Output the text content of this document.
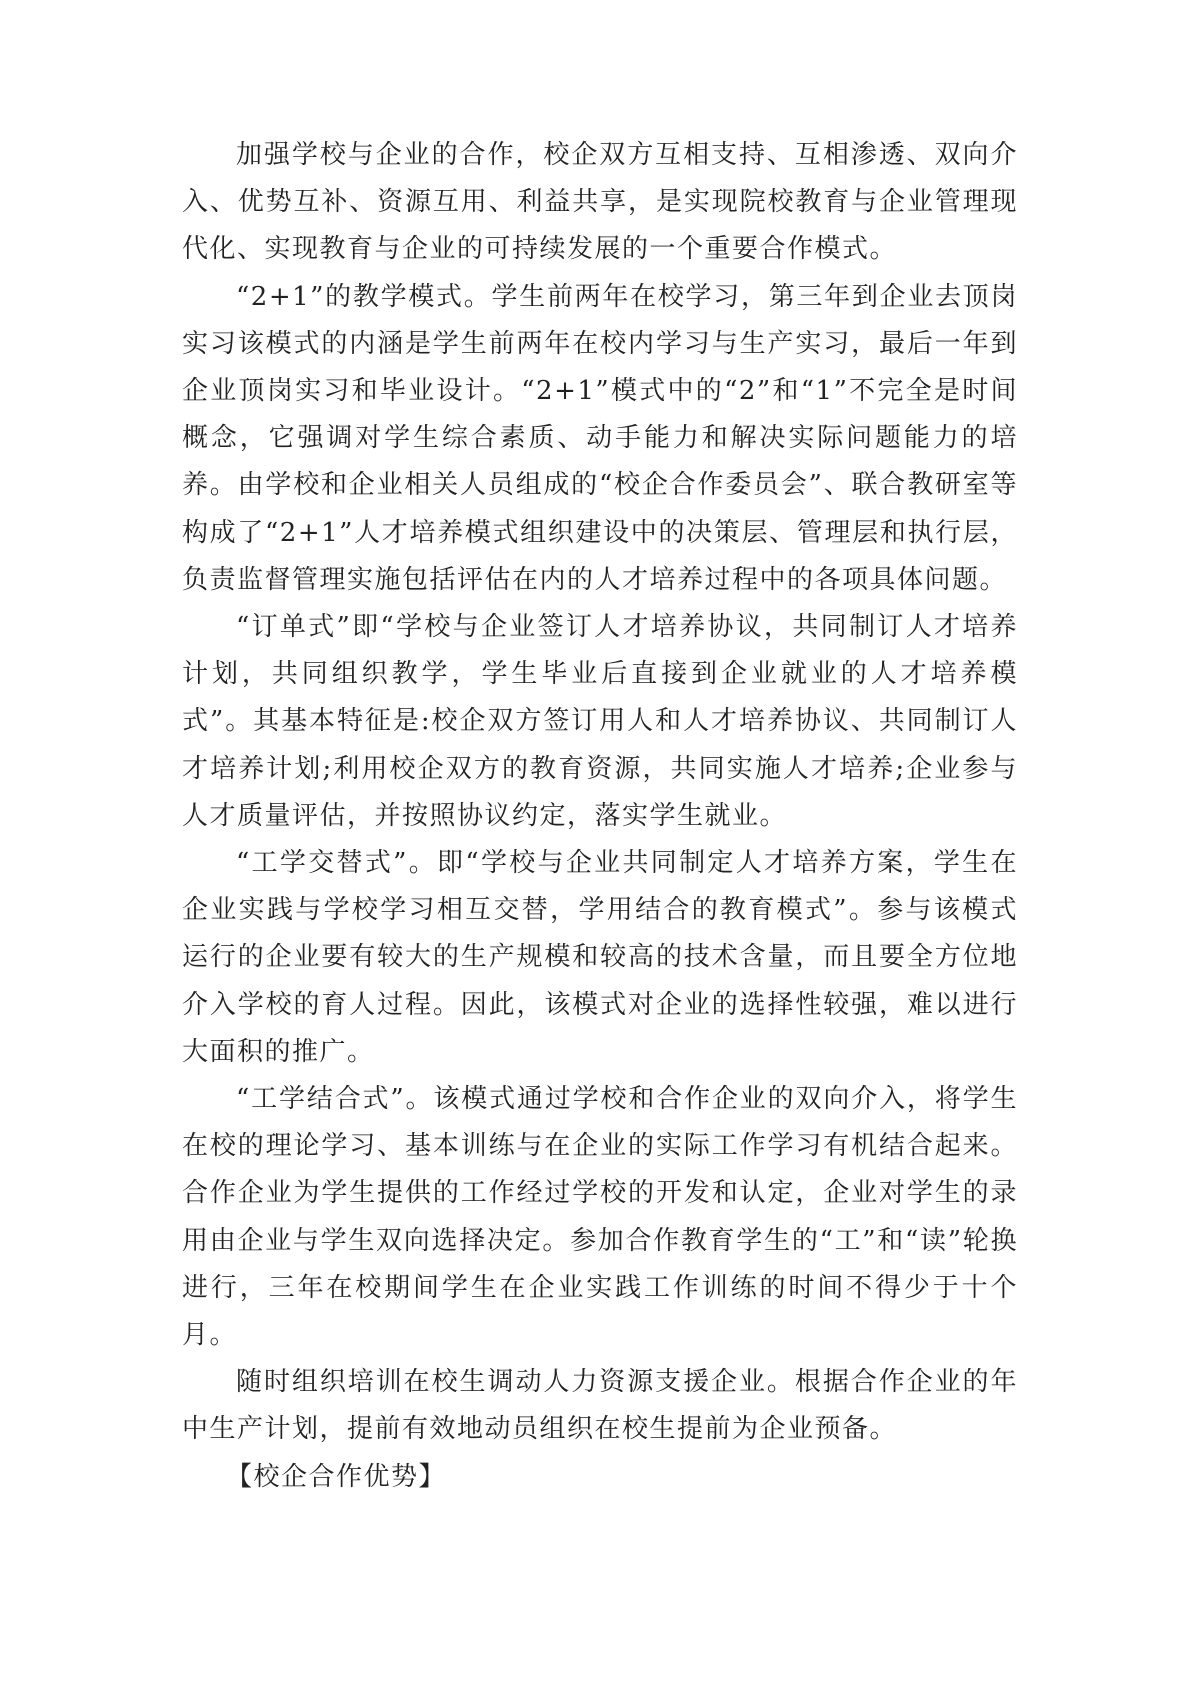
加强学校与企业的合作，校企双方互相支持、互相渗透、双向介入、优势互补、资源互用、利益共享，是实现院校教育与企业管理现代化、实现教育与企业的可持续发展的一个重要合作模式。

“2+1”的教学模式。学生前两年在校学习，第三年到企业去顶岗实习该模式的内涵是学生前两年在校内学习与生产实习，最后一年到企业顶岗实习和毕业设计。“2+1”模式中的“2”和“1”不完全是时间概念，它强调对学生综合素质、动手能力和解决实际问题能力的培养。由学校和企业相关人员组成的“校企合作委员会”、联合教研室等构成了“2+1”人才培养模式组织建设中的决策层、管理层和执行层，负责监督管理实施包括评估在内的人才培养过程中的各项具体问题。

“订单式”即“学校与企业签订人才培养协议，共同制订人才培养计划，共同组织教学，学生毕业后直接到企业就业的人才培养模式”。其基本特征是:校企双方签订用人和人才培养协议、共同制订人才培养计划;利用校企双方的教育资源，共同实施人才培养;企业参与人才质量评估，并按照协议约定，落实学生就业。

“工学交替式”。即“学校与企业共同制定人才培养方案，学生在企业实践与学校学习相互交替，学用结合的教育模式”。参与该模式运行的企业要有较大的生产规模和较高的技术含量，而且要全方位地介入学校的育人过程。因此，该模式对企业的选择性较强，难以进行大面积的推广。

“工学结合式”。该模式通过学校和合作企业的双向介入，将学生在校的理论学习、基本训练与在企业的实际工作学习有机结合起来。合作企业为学生提供的工作经过学校的开发和认定，企业对学生的录用由企业与学生双向选择决定。参加合作教育学生的“工”和“读”轮换进行，三年在校期间学生在企业实践工作训练的时间不得少于十个月。

随时组织培训在校生调动人力资源支援企业。根据合作企业的年中生产计划，提前有效地动员组织在校生提前为企业预备。

【校企合作优势】
